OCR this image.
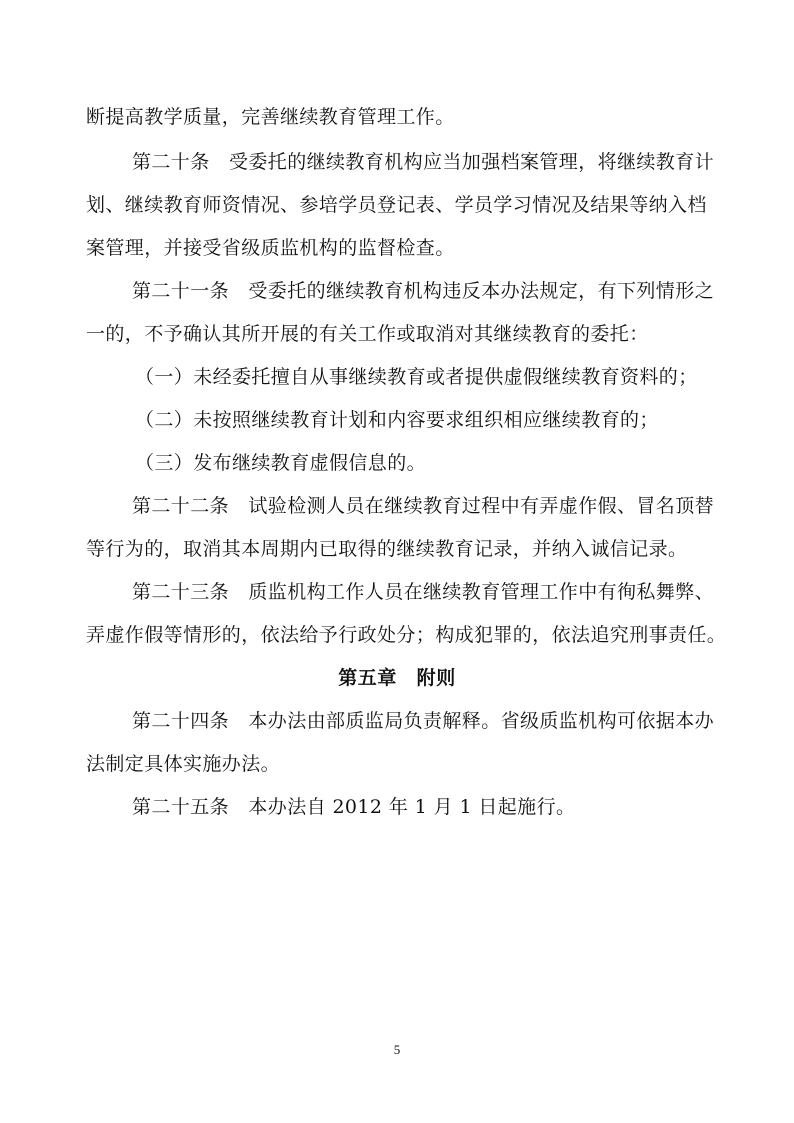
断提高教学质量，完善继续教育管理工作。
第二十条　受委托的继续教育机构应当加强档案管理，将继续教育计
划、继续教育师资情况、参培学员登记表、学员学习情况及结果等纳入档
案管理，并接受省级质监机构的监督检查。
第二十一条　受委托的继续教育机构违反本办法规定，有下列情形之
一的，不予确认其所开展的有关工作或取消对其继续教育的委托：
（一）未经委托擅自从事继续教育或者提供虚假继续教育资料的；
（二）未按照继续教育计划和内容要求组织相应继续教育的；
（三）发布继续教育虚假信息的。
第二十二条　试验检测人员在继续教育过程中有弄虚作假、冒名顶替
等行为的，取消其本周期内已取得的继续教育记录，并纳入诚信记录。
第二十三条　质监机构工作人员在继续教育管理工作中有徇私舞弊、
弄虚作假等情形的，依法给予行政处分；构成犯罪的，依法追究刑事责任。
第五章　附则
第二十四条　本办法由部质监局负责解释。省级质监机构可依据本办
法制定具体实施办法。
第二十五条　本办法自 2012 年 1 月 1 日起施行。
5
